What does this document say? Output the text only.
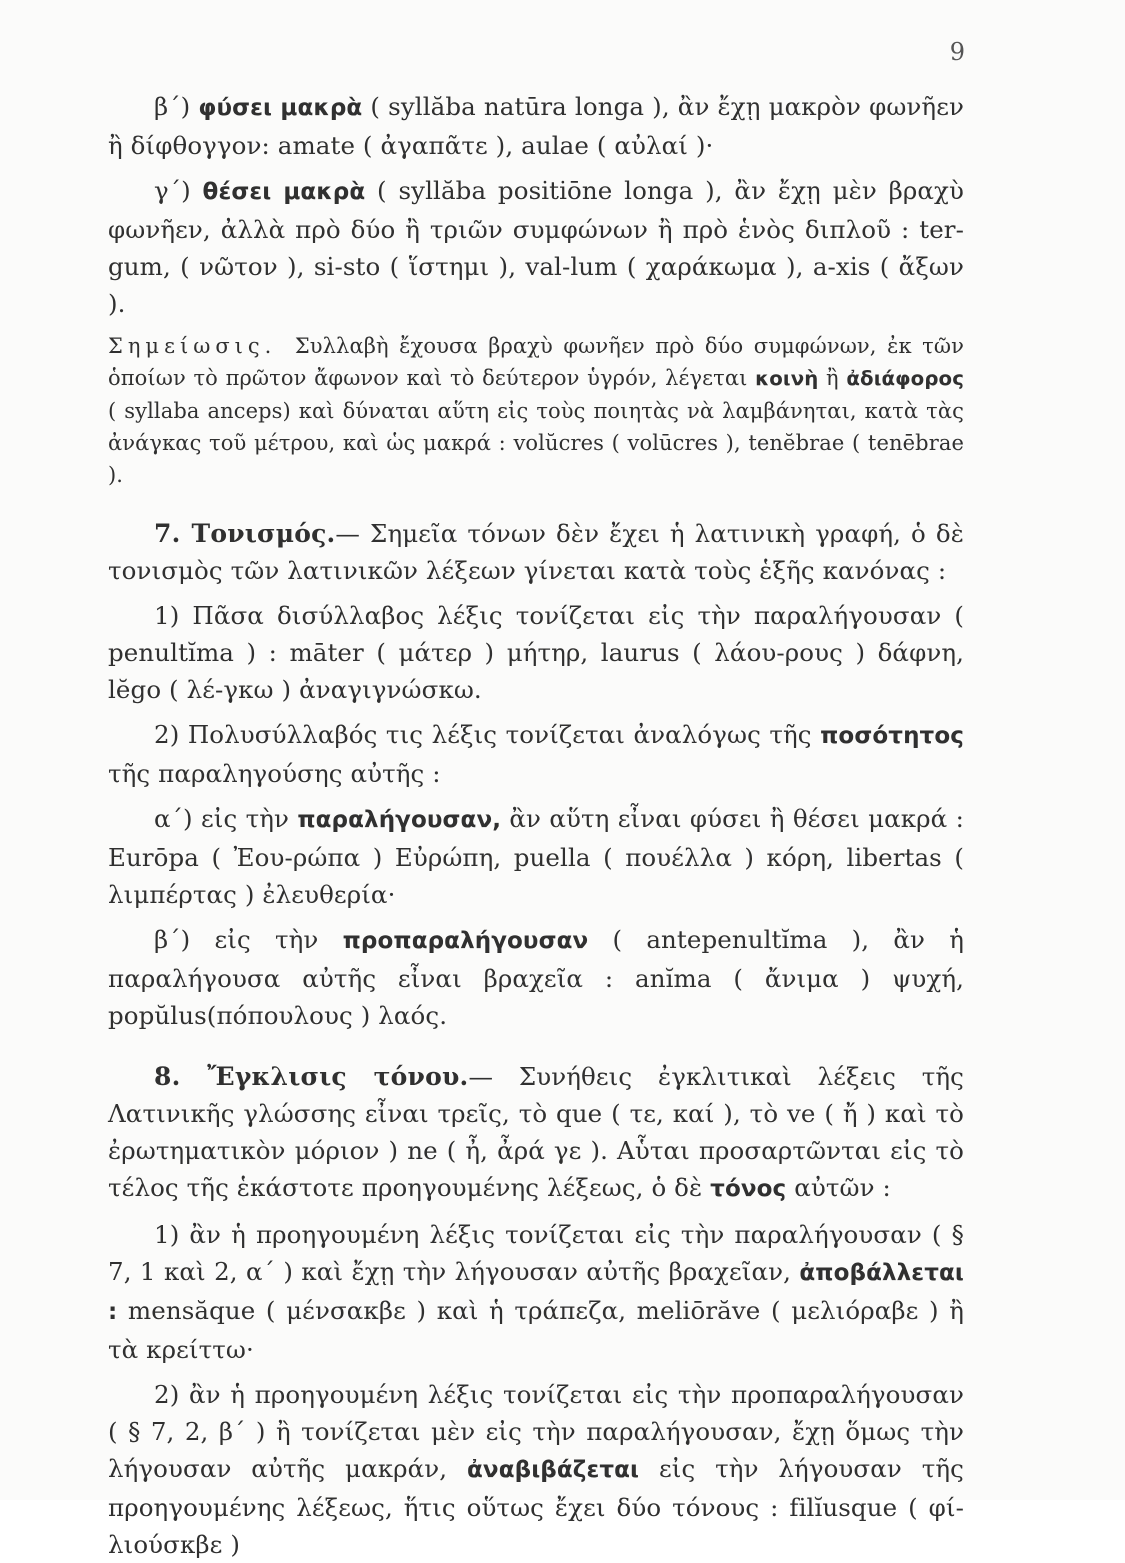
9

β΄) φύσει μακρὰ ( syllăba natūra longa ), ἂν ἔχῃ μακρὸν φωνῆεν ἢ δίφθογγον: amate ( ἀγαπᾶτε ), aulae ( αὐλαί )·

γ΄) θέσει μακρὰ ( syllăba positiōne longa ), ἂν ἔχῃ μὲν βραχὺ φωνῆεν, ἀλλὰ πρὸ δύο ἢ τριῶν συμφώνων ἢ πρὸ ἑνὸς διπλοῦ : ter-gum, ( νῶτον ), si-sto ( ἵστημι ), val-lum ( χαράκωμα ), a-xis ( ἄξων ).

Σημείωσις. Συλλαβὴ ἔχουσα βραχὺ φωνῆεν πρὸ δύο συμφώνων, ἐκ τῶν ὁποίων τὸ πρῶτον ἄφωνον καὶ τὸ δεύτερον ὑγρόν, λέγεται κοινὴ ἢ ἀδιάφορος ( syllaba anceps) καὶ δύναται αὕτη εἰς τοὺς ποιητὰς νὰ λαμβάνηται, κατὰ τὰς ἀνάγκας τοῦ μέτρου, καὶ ὡς μακρά : volŭcres ( volūcres ), tenĕbrae ( tenēbrae ).

7. Τονισμός.— Σημεῖα τόνων δὲν ἔχει ἡ λατινικὴ γραφή, ὁ δὲ τονισμὸς τῶν λατινικῶν λέξεων γίνεται κατὰ τοὺς ἑξῆς κανόνας :

1) Πᾶσα δισύλλαβος λέξις τονίζεται εἰς τὴν παραλήγουσαν ( penultĭma ) : māter ( μάτερ ) μήτηρ, laurus ( λάου-ρους ) δάφνη, lĕgo ( λέ-γκω ) ἀναγιγνώσκω.

2) Πολυσύλλαβός τις λέξις τονίζεται ἀναλόγως τῆς ποσότητος τῆς παραληγούσης αὐτῆς :

α΄) εἰς τὴν παραλήγουσαν, ἂν αὕτη εἶναι φύσει ἢ θέσει μακρά : Eurōpa ( Ἐου-ρώπα ) Εὐρώπη, puella ( πουέλλα ) κόρη, libertas ( λιμπέρτας ) ἐλευθερία·

β΄) εἰς τὴν προπαραλήγουσαν ( antepenultĭma ), ἂν ἡ παραλήγουσα αὐτῆς εἶναι βραχεῖα : anĭma ( ἄνιμα ) ψυχή, popŭlus(πόπουλους ) λαός.

8. Ἔγκλισις τόνου.— Συνήθεις ἐγκλιτικαὶ λέξεις τῆς Λατινικῆς γλώσσης εἶναι τρεῖς, τὸ que ( τε, καί ), τὸ ve ( ἤ ) καὶ τὸ ἐρωτηματικὸν μόριον ) ne ( ἦ, ἆρά γε ). Αὗται προσαρτῶνται εἰς τὸ τέλος τῆς ἑκάστοτε προηγουμένης λέξεως, ὁ δὲ τόνος αὐτῶν :

1) ἂν ἡ προηγουμένη λέξις τονίζεται εἰς τὴν παραλήγουσαν ( § 7, 1 καὶ 2, α΄ ) καὶ ἔχῃ τὴν λήγουσαν αὐτῆς βραχεῖαν, ἀποβάλλεται : mensăque ( μένσακβε ) καὶ ἡ τράπεζα, meliōrăve ( μελιόραβε ) ἢ τὰ κρείττω·

2) ἂν ἡ προηγουμένη λέξις τονίζεται εἰς τὴν προπαραλήγουσαν ( § 7, 2, β΄ ) ἢ τονίζεται μὲν εἰς τὴν παραλήγουσαν, ἔχῃ ὅμως τὴν λήγουσαν αὐτῆς μακράν, ἀναβιβάζεται εἰς τὴν λήγουσαν τῆς προηγουμένης λέξεως, ἥτις οὕτως ἔχει δύο τόνους : filĭusque ( φί-λιούσκβε )
